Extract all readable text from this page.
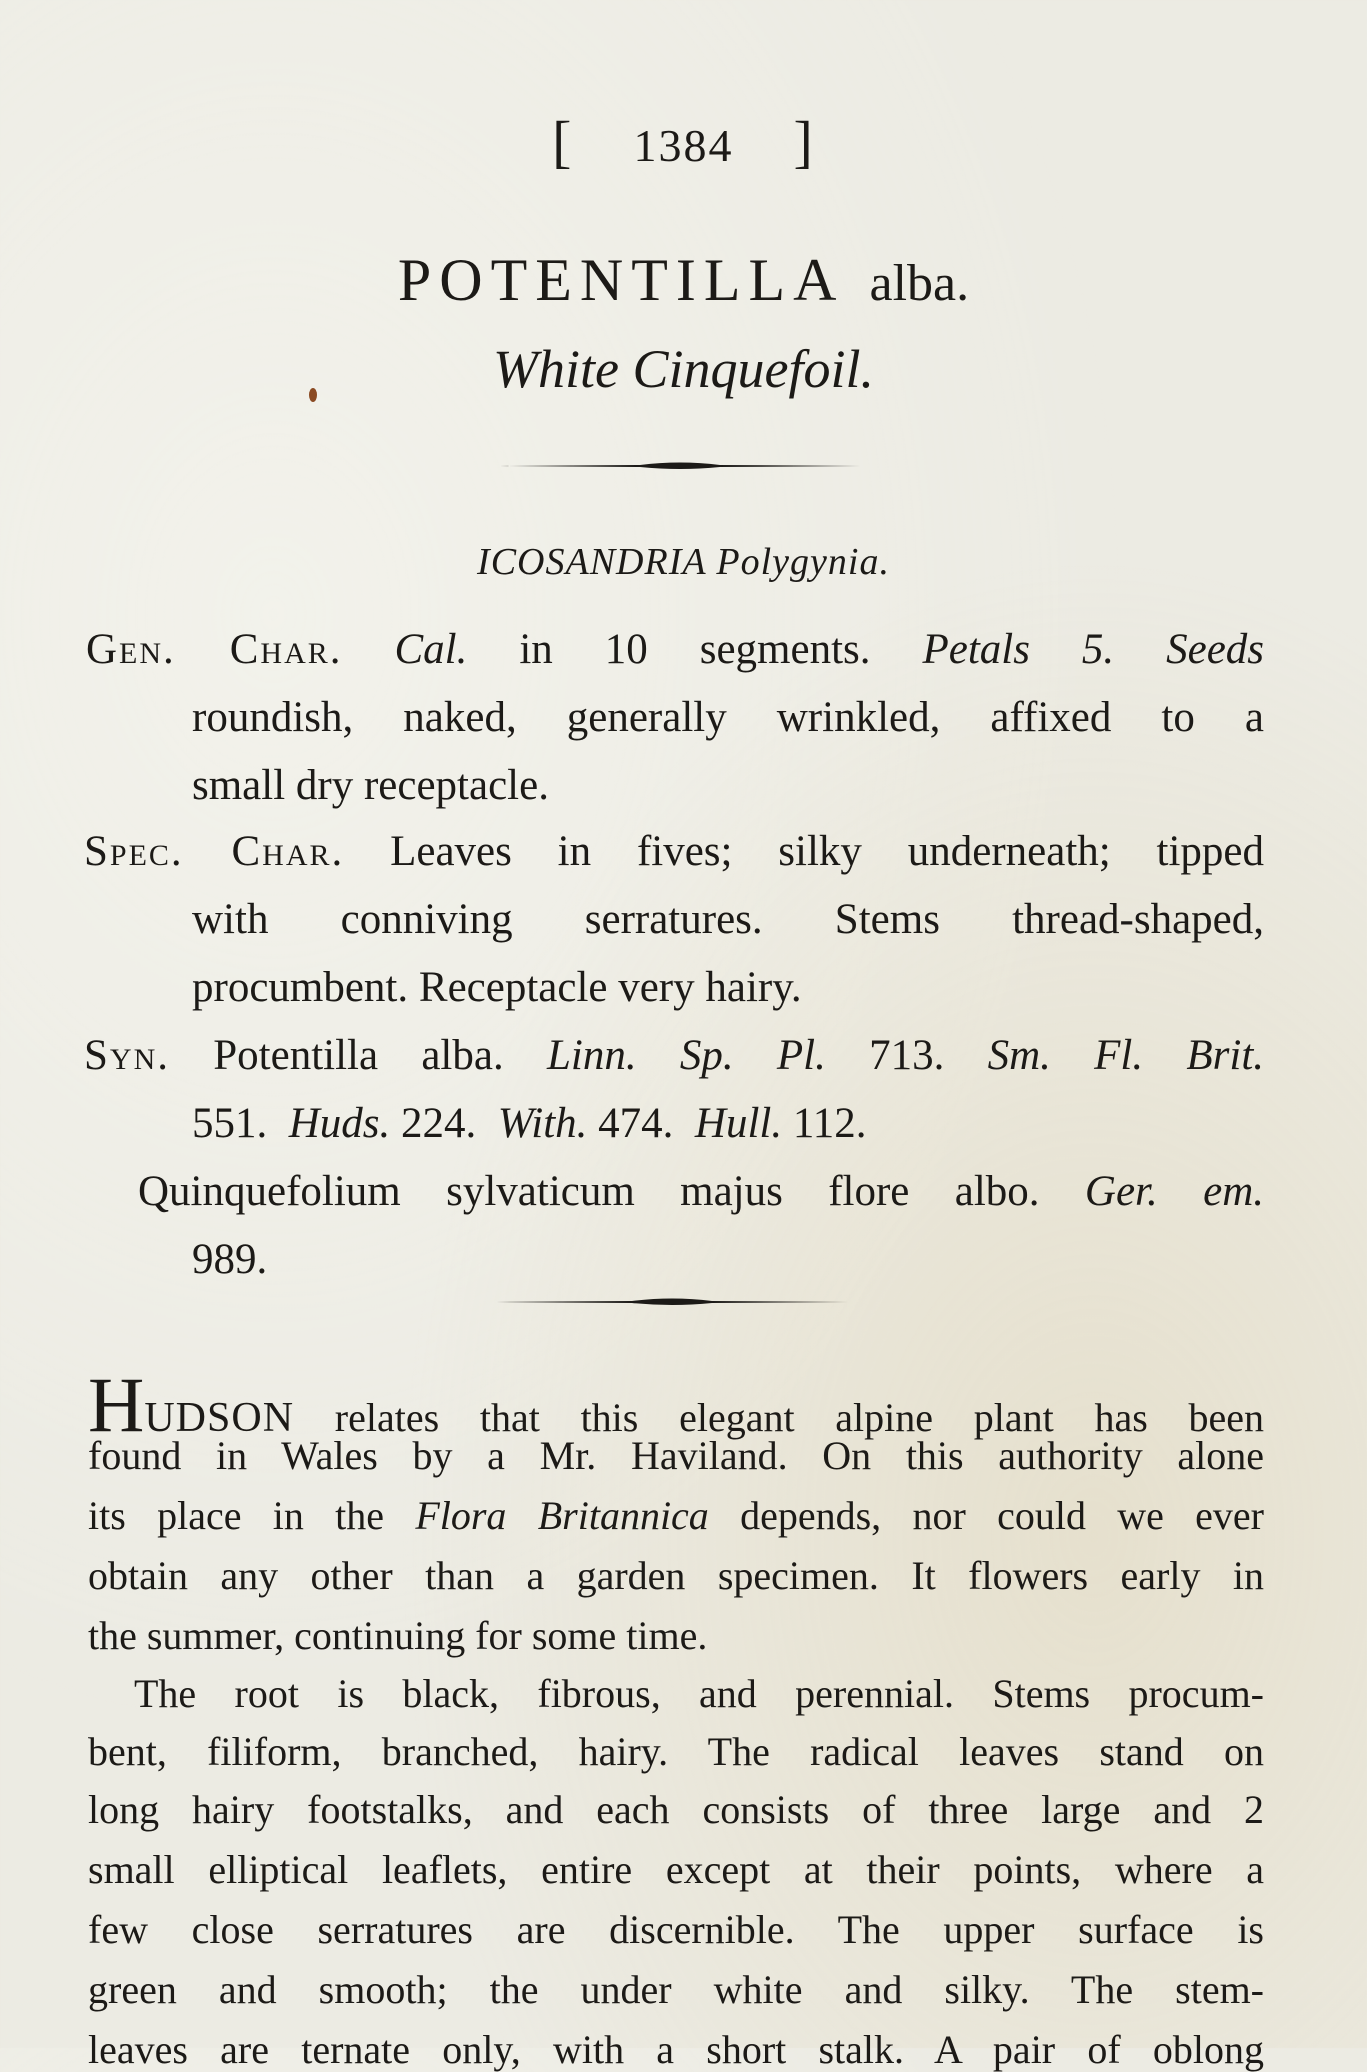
[ 1384 ]
POTENTILLA alba.
White Cinquefoil.
ICOSANDRIA Polygynia.
Gen. Char. Cal. in 10 segments. Petals 5. Seeds
roundish, naked, generally wrinkled, affixed to a
small dry receptacle.
Spec. Char. Leaves in fives; silky underneath; tipped
with conniving serratures. Stems thread-shaped,
procumbent. Receptacle very hairy.
Syn. Potentilla alba. Linn. Sp. Pl. 713. Sm. Fl. Brit.
551. Huds. 224. With. 474. Hull. 112.
Quinquefolium sylvaticum majus flore albo. Ger. em.
989.
HUDSON relates that this elegant alpine plant has been
found in Wales by a Mr. Haviland. On this authority alone
its place in the Flora Britannica depends, nor could we ever
obtain any other than a garden specimen. It flowers early in
the summer, continuing for some time.
The root is black, fibrous, and perennial. Stems procum-
bent, filiform, branched, hairy. The radical leaves stand on
long hairy footstalks, and each consists of three large and 2
small elliptical leaflets, entire except at their points, where a
few close serratures are discernible. The upper surface is
green and smooth; the under white and silky. The stem-
leaves are ternate only, with a short stalk. A pair of oblong
